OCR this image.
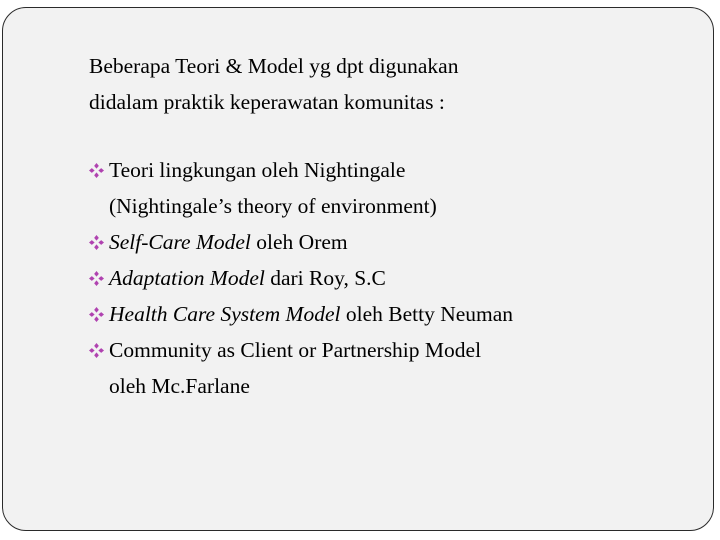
Beberapa Teori & Model yg dpt digunakan
didalam praktik keperawatan komunitas :
Teori lingkungan oleh Nightingale
(Nightingale’s theory of environment)
Self-Care Model oleh Orem
Adaptation Model dari Roy, S.C
Health Care System Model oleh Betty Neuman
Community as Client or Partnership Model
oleh Mc.Farlane
